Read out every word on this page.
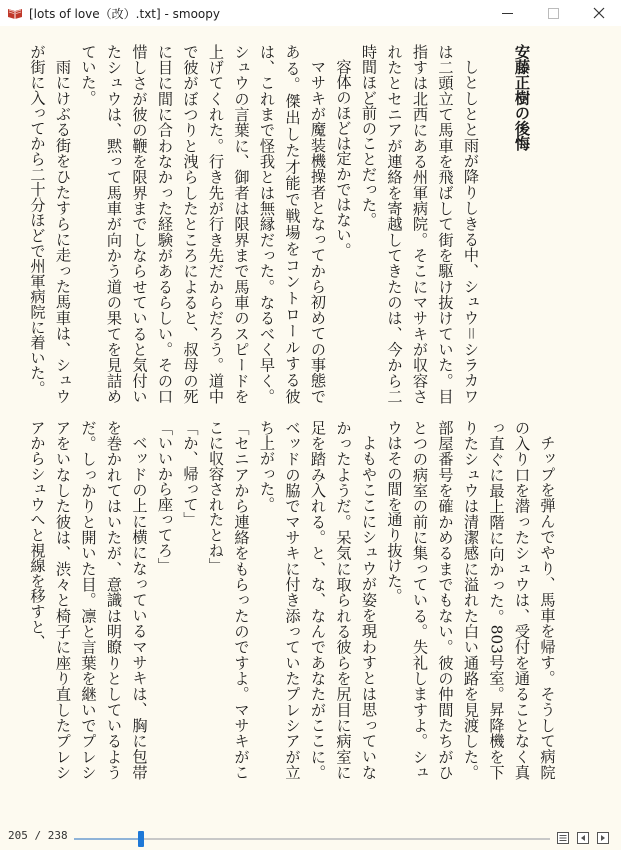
[lots of love（改）.txt] - smoopy

安藤正樹の後悔

しとしとと雨が降りしきる中、シュウ＝シラカワは二頭立て馬車を飛ばして街を駆け抜けていた。目指すは北西にある州軍病院。そこにマサキが収容されたとセニアが連絡を寄越してきたのは、今から二時間ほど前のことだった。

容体のほどは定かではない。

マサキが魔装機操者となってから初めての事態である。傑出した才能で戦場をコントロールする彼は、これまで怪我とは無縁だった。なるべく早く。シュウの言葉に、御者は限界まで馬車のスピードを上げてくれた。行き先が行き先だからだろう。道中で彼がぼつりと洩らしたところによると、叔母の死に目に間に合わなかった経験があるらしい。その口惜しさが彼の鞭を限界までしならせていると気付いたシュウは、黙って馬車が向かう道の果てを見詰めていた。

雨にけぶる街をひたすらに走った馬車は、シュウが街に入ってから二十分ほどで州軍病院に着いた。

チップを弾んでやり、馬車を帰す。そうして病院の入り口を潜ったシュウは、受付を通ることなく真っ直ぐに最上階に向かった。803号室。昇降機を下りたシュウは清潔感に溢れた白い通路を見渡した。部屋番号を確かめるまでもない。彼の仲間たちがひとつの病室の前に集っている。失礼しますよ。シュウはその間を通り抜けた。

よもやここにシュウが姿を現わすとは思っていなかったようだ。呆気に取られる彼らを尻目に病室に足を踏み入れる。と、な、なんであなたがここに。ベッドの脇でマサキに付き添っていたプレシアが立ち上がった。

「セニアから連絡をもらったのですよ。マサキがここに収容されたとね」

「か、帰って」

「いいから座ってろ」

ベッドの上に横になっているマサキは、胸に包帯を巻かれてはいたが、意識は明瞭りとしているようだ。しっかりと開いた目。凛と言葉を継いでプレシアをいなした彼は、渋々と椅子に座り直したプレシアからシュウへと視線を移すと、

205 / 238
